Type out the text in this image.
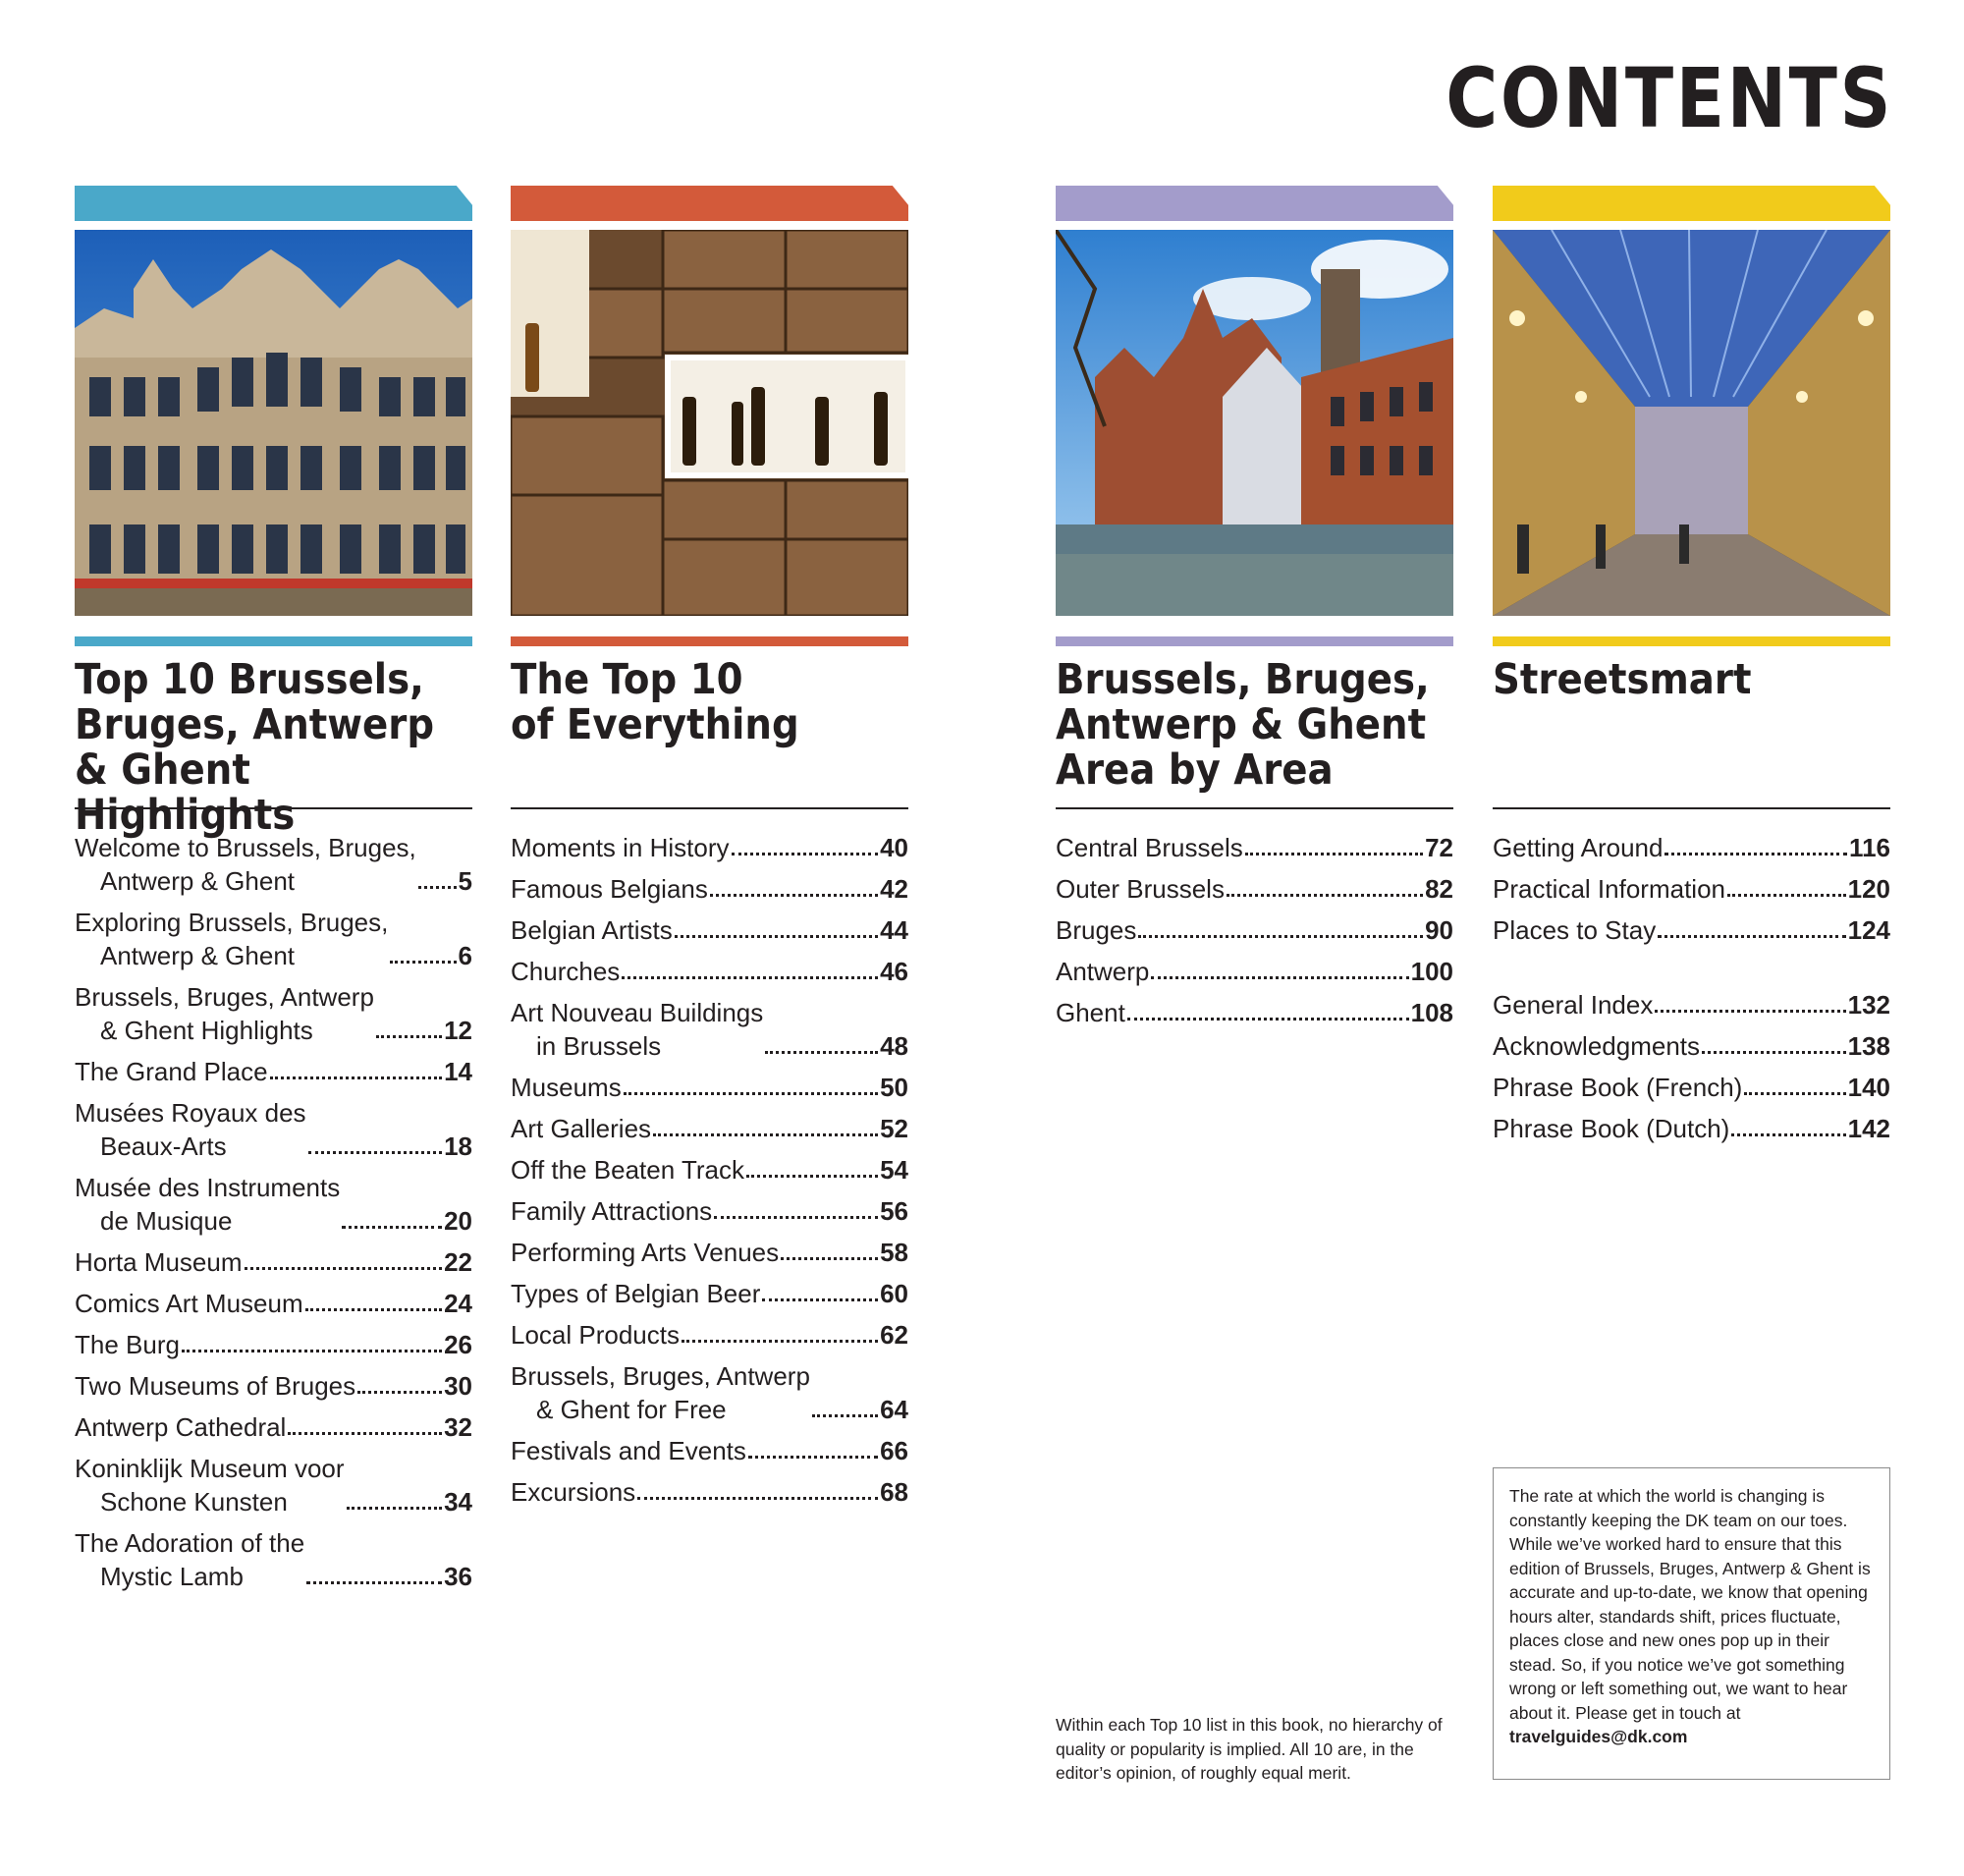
CONTENTS
Top 10 Brussels,
Bruges, Antwerp
& Ghent Highlights
Welcome to Brussels, Bruges,
Antwerp & Ghent	5
Exploring Brussels, Bruges,
Antwerp & Ghent	6
Brussels, Bruges, Antwerp
& Ghent Highlights	12
The Grand Place	14
Musées Royaux des
Beaux-Arts	18
Musée des Instruments
de Musique	20
Horta Museum	22
Comics Art Museum	24
The Burg	26
Two Museums of Bruges	30
Antwerp Cathedral	32
Koninklijk Museum voor
Schone Kunsten	34
The Adoration of the
Mystic Lamb	36
The Top 10
of Everything
Moments in History	40
Famous Belgians	42
Belgian Artists	44
Churches	46
Art Nouveau Buildings
in Brussels	48
Museums	50
Art Galleries	52
Off the Beaten Track	54
Family Attractions	56
Performing Arts Venues	58
Types of Belgian Beer	60
Local Products	62
Brussels, Bruges, Antwerp
& Ghent for Free	64
Festivals and Events	66
Excursions	68
Brussels, Bruges,
Antwerp & Ghent
Area by Area
Central Brussels	72
Outer Brussels	82
Bruges	90
Antwerp	100
Ghent	108
Streetsmart
Getting Around	116
Practical Information	120
Places to Stay	124
General Index	132
Acknowledgments	138
Phrase Book (French)	140
Phrase Book (Dutch)	142
Within each Top 10 list in this book, no hierarchy of quality or popularity is implied. All 10 are, in the editor’s opinion, of roughly equal merit.
The rate at which the world is changing is constantly keeping the DK team on our toes. While we’ve worked hard to ensure that this edition of Brussels, Bruges, Antwerp & Ghent is accurate and up-to-date, we know that opening hours alter, standards shift, prices fluctuate, places close and new ones pop up in their stead. So, if you notice we’ve got something wrong or left something out, we want to hear about it. Please get in touch at travelguides@dk.com
